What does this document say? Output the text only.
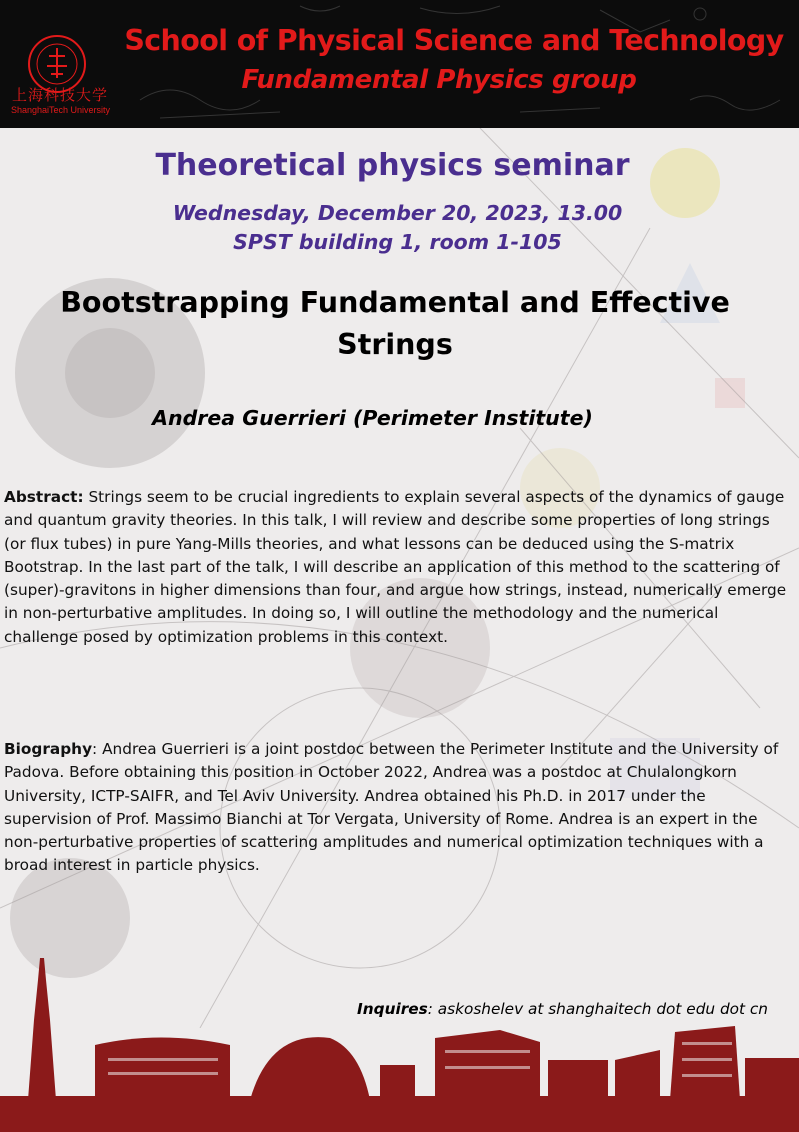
上海科技大学
ShanghaiTech University
School of Physical Science and Technology
Fundamental Physics group
Theoretical physics seminar
Wednesday, December 20, 2023, 13.00
SPST building 1, room 1-105
Bootstrapping Fundamental and Effective Strings
Andrea Guerrieri (Perimeter Institute)
Abstract: Strings seem to be crucial ingredients to explain several aspects of the dynamics of gauge and quantum gravity theories. In this talk, I will review and describe some properties of long strings (or flux tubes) in pure Yang-Mills theories, and what lessons can be deduced using the S-matrix Bootstrap. In the last part of the talk, I will describe an application of this method to the scattering of (super)-gravitons in higher dimensions than four, and argue how strings, instead, numerically emerge in non-perturbative amplitudes. In doing so, I will outline the methodology and the numerical challenge posed by optimization problems in this context.
Biography: Andrea Guerrieri is a joint postdoc between the Perimeter Institute and the University of Padova. Before obtaining this position in October 2022, Andrea was a postdoc at Chulalongkorn University, ICTP-SAIFR, and Tel Aviv University. Andrea obtained his Ph.D. in 2017 under the supervision of Prof. Massimo Bianchi at Tor Vergata, University of Rome. Andrea is an expert in the non-perturbative properties of scattering amplitudes and numerical optimization techniques with a broad interest in particle physics.
Inquires: askoshelev at shanghaitech dot edu dot cn
